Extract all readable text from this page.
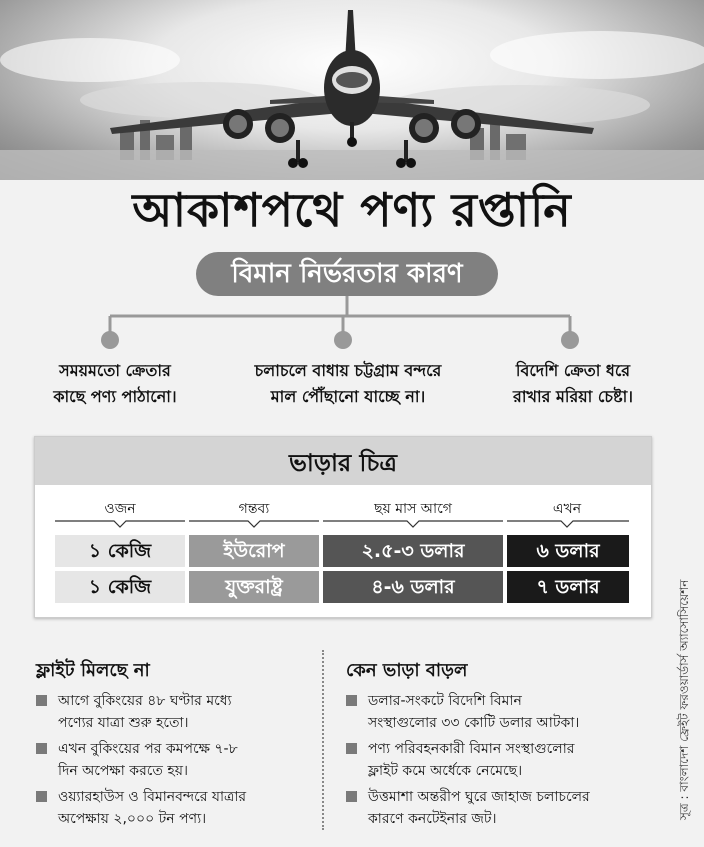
আকাশপথে পণ্য রপ্তানি
বিমান নির্ভরতার কারণ
সময়মতো ক্রেতার
কাছে পণ্য পাঠানো।
চলাচলে বাধায় চট্টগ্রাম বন্দরে
মাল পৌঁছানো যাচ্ছে না।
বিদেশি ক্রেতা ধরে
রাখার মরিয়া চেষ্টা।
ভাড়ার চিত্র
ওজন	গন্তব্য	ছয় মাস আগে	এখন
১ কেজি	ইউরোপ	২.৫-৩ ডলার	৬ ডলার
১ কেজি	যুক্তরাষ্ট্র	৪-৬ ডলার	৭ ডলার
ফ্লাইট মিলছে না
আগে বুকিংয়ের ৪৮ ঘণ্টার মধ্যে
পণ্যের যাত্রা শুরু হতো।
এখন বুকিংয়ের পর কমপক্ষে ৭-৮
দিন অপেক্ষা করতে হয়।
ওয়্যারহাউস ও বিমানবন্দরে যাত্রার
অপেক্ষায় ২,০০০ টন পণ্য।
কেন ভাড়া বাড়ল
ডলার-সংকটে বিদেশি বিমান
সংস্থাগুলোর ৩৩ কোটি ডলার আটকা।
পণ্য পরিবহনকারী বিমান সংস্থাগুলোর
ফ্লাইট কমে অর্ধেকে নেমেছে।
উত্তমাশা অন্তরীপ ঘুরে জাহাজ চলাচলের
কারণে কনটেইনার জট।	সূত্র : বাংলাদেশ ফ্রেইট ফরওয়ার্ডার্স অ্যাসোসিয়েশন
